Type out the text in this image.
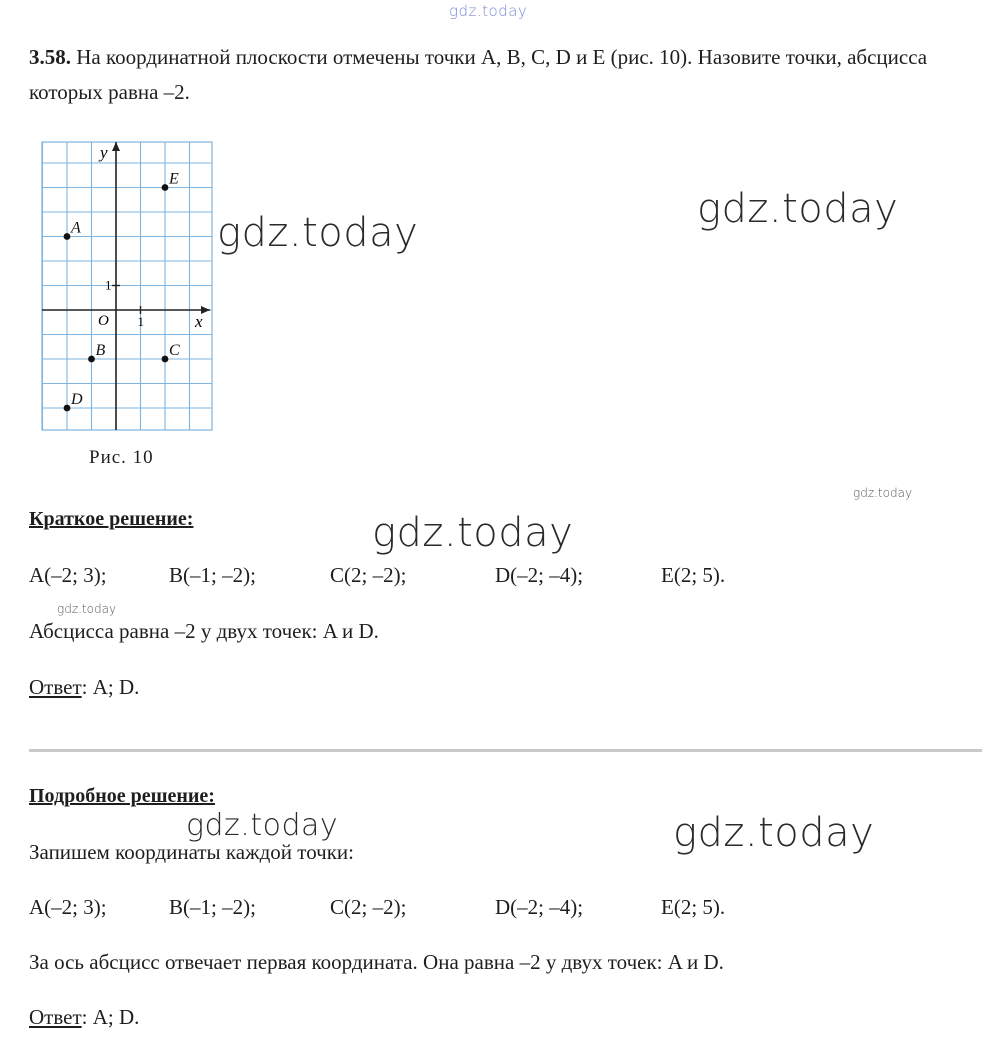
gdz.today
gdz.today
gdz.today
gdz.today
gdz.today
gdz.today
gdz.today
gdz.today
3.58. На координатной плоскости отмечены точки A, B, C, D и E (рис. 10). Назовите точки, абсцисса которых равна –2.
A
B	C
D
E
x
y
O 1
1
Рис. 10
Краткое решение:
A(–2; 3);	B(–1; –2);	C(2; –2);	D(–2; –4);	E(2; 5).
Абсцисса равна –2 у двух точек: A и D.
Ответ: A; D.
Подробное решение:
Запишем координаты каждой точки:
A(–2; 3);	B(–1; –2);	C(2; –2);	D(–2; –4);	E(2; 5).
За ось абсцисс отвечает первая координата. Она равна –2 у двух точек: A и D.
Ответ: A; D.
